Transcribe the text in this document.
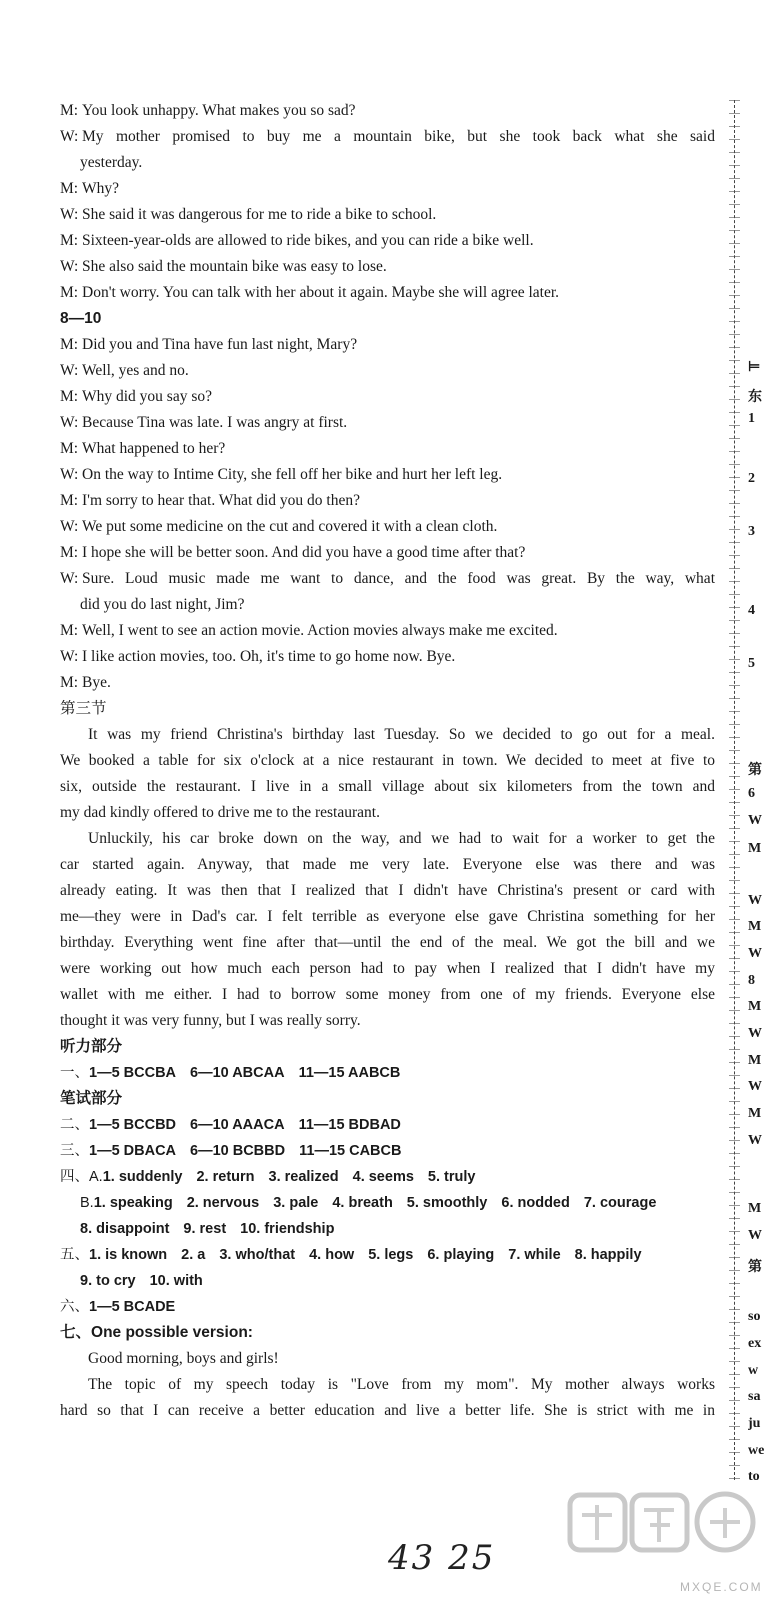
M: You look unhappy. What makes you so sad?
W: My mother promised to buy me a mountain bike, but she took back what she said
yesterday.
M: Why?
W: She said it was dangerous for me to ride a bike to school.
M: Sixteen-year-olds are allowed to ride bikes, and you can ride a bike well.
W: She also said the mountain bike was easy to lose.
M: Don't worry. You can talk with her about it again. Maybe she will agree later.
8—10
M: Did you and Tina have fun last night, Mary?
W: Well, yes and no.
M: Why did you say so?
W: Because Tina was late. I was angry at first.
M: What happened to her?
W: On the way to Intime City, she fell off her bike and hurt her left leg.
M: I'm sorry to hear that. What did you do then?
W: We put some medicine on the cut and covered it with a clean cloth.
M: I hope she will be better soon. And did you have a good time after that?
W: Sure. Loud music made me want to dance, and the food was great. By the way, what
did you do last night, Jim?
M: Well, I went to see an action movie. Action movies always make me excited.
W: I like action movies, too. Oh, it's time to go home now. Bye.
M: Bye.
第三节
It was my friend Christina's birthday last Tuesday. So we decided to go out for a meal.
We booked a table for six o'clock at a nice restaurant in town. We decided to meet at five to
six, outside the restaurant. I live in a small village about six kilometers from the town and
my dad kindly offered to drive me to the restaurant.
Unluckily, his car broke down on the way, and we had to wait for a worker to get the
car started again. Anyway, that made me very late. Everyone else was there and was
already eating. It was then that I realized that I didn't have Christina's present or card with
me—they were in Dad's car. I felt terrible as everyone else gave Christina something for her
birthday. Everything went fine after that—until the end of the meal. We got the bill and we
were working out how much each person had to pay when I realized that I didn't have my
wallet with me either. I had to borrow some money from one of my friends. Everyone else
thought it was very funny, but I was really sorry.
听力部分
一、1—5 BCCBA 6—10 ABCAA 11—15 AABCB
笔试部分
二、1—5 BCCBD 6—10 AAACA 11—15 BDBAD
三、1—5 DBACA 6—10 BCBBD 11—15 CABCB
四、A.1. suddenly 2. return 3. realized 4. seems 5. truly
B.1. speaking 2. nervous 3. pale 4. breath 5. smoothly 6. nodded 7. courage
8. disappoint 9. rest 10. friendship
五、1. is known 2. a 3. who/that 4. how 5. legs 6. playing 7. while 8. happily
9. to cry 10. with
六、1—5 BCADE
七、One possible version:
Good morning, boys and girls!
The topic of my speech today is "Love from my mom". My mother always works
hard so that I can receive a better education and live a better life. She is strict with me in
⊨
东
1
2
3
4
5
第
6
W
M
W
M
W
8
M
W
M
W
M
W
M
W
第
so
ex
w
sa
ju
we
to
43 25
MXQE.COM
